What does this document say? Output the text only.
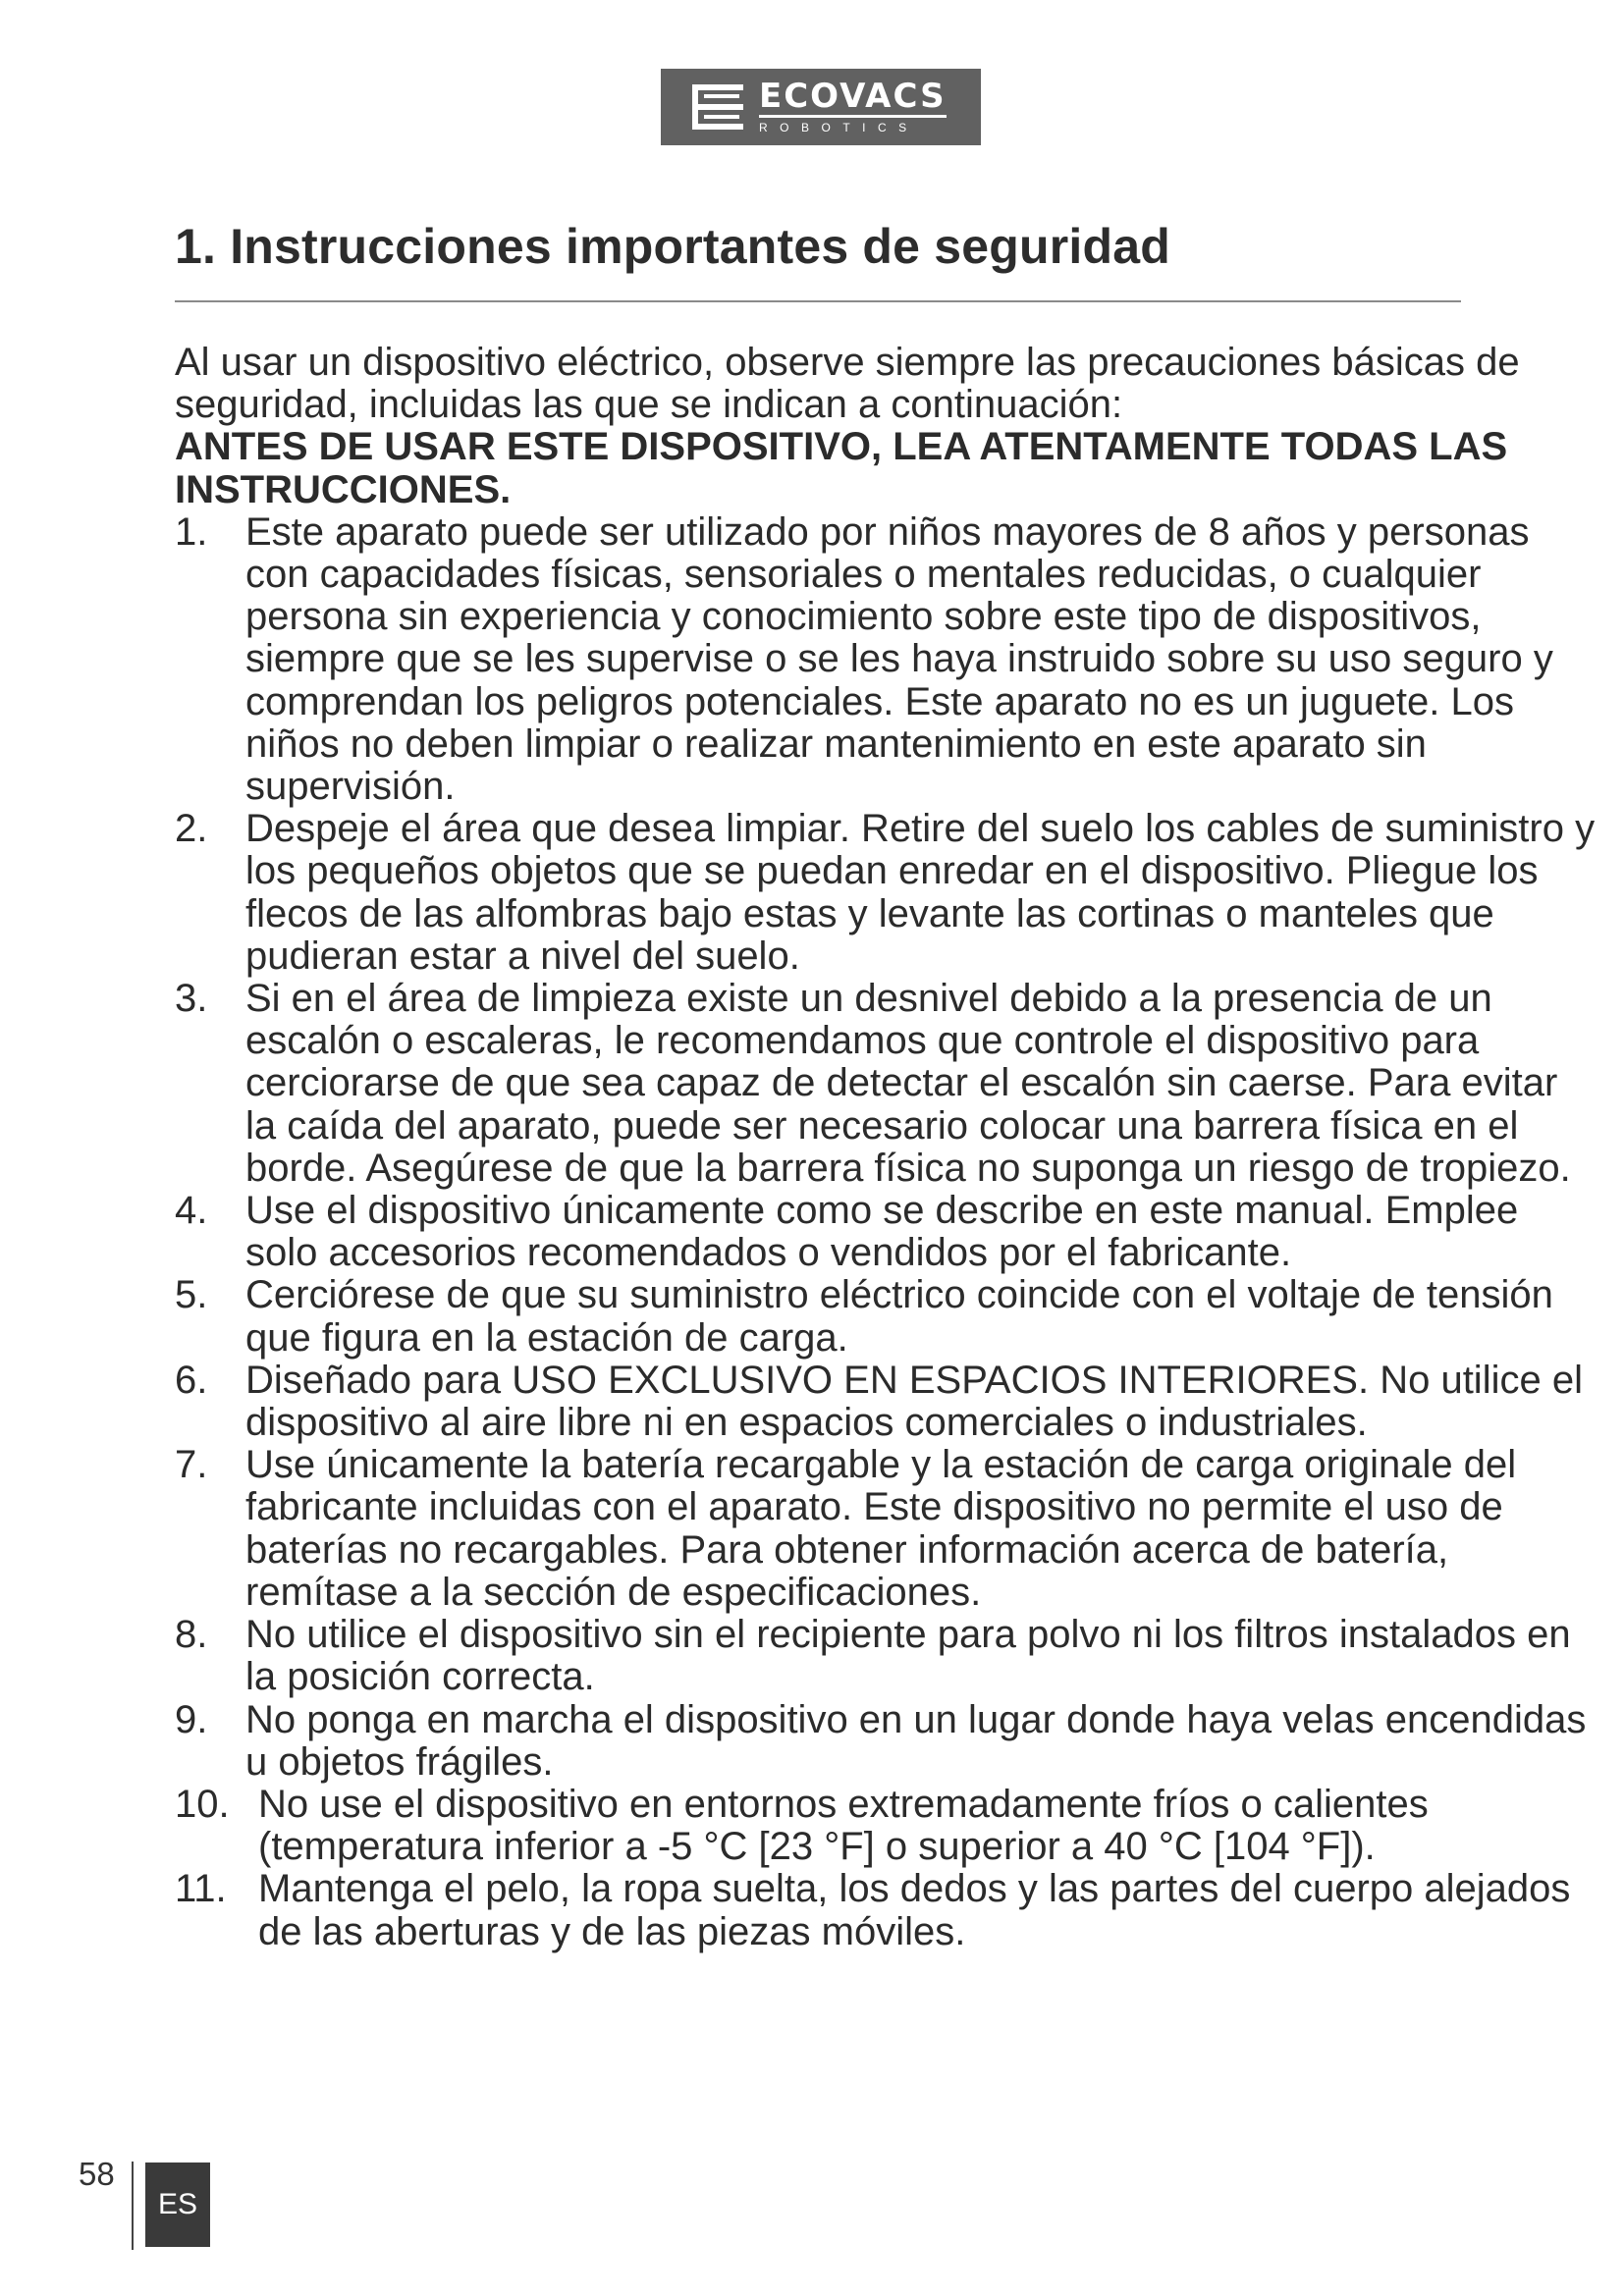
ECOVACS
ROBOTICS
1. Instrucciones importantes de seguridad

Al usar un dispositivo eléctrico, observe siempre las precauciones básicas de seguridad, incluidas las que se indican a continuación:

ANTES DE USAR ESTE DISPOSITIVO, LEA ATENTAMENTE TODAS LAS INSTRUCCIONES.

1. Este aparato puede ser utilizado por niños mayores de 8 años y personas con capacidades físicas, sensoriales o mentales reducidas, o cualquier persona sin experiencia y conocimiento sobre este tipo de dispositivos, siempre que se les supervise o se les haya instruido sobre su uso seguro y comprendan los peligros potenciales. Este aparato no es un juguete. Los niños no deben limpiar o realizar mantenimiento en este aparato sin supervisión.
2. Despeje el área que desea limpiar. Retire del suelo los cables de suministro y los pequeños objetos que se puedan enredar en el dispositivo. Pliegue los flecos de las alfombras bajo estas y levante las cortinas o manteles que pudieran estar a nivel del suelo.
3. Si en el área de limpieza existe un desnivel debido a la presencia de un escalón o escaleras, le recomendamos que controle el dispositivo para cerciorarse de que sea capaz de detectar el escalón sin caerse. Para evitar la caída del aparato, puede ser necesario colocar una barrera física en el borde. Asegúrese de que la barrera física no suponga un riesgo de tropiezo.
4. Use el dispositivo únicamente como se describe en este manual. Emplee solo accesorios recomendados o vendidos por el fabricante.
5. Cerciórese de que su suministro eléctrico coincide con el voltaje de tensión que figura en la estación de carga.
6. Diseñado para USO EXCLUSIVO EN ESPACIOS INTERIORES. No utilice el dispositivo al aire libre ni en espacios comerciales o industriales.
7. Use únicamente la batería recargable y la estación de carga originale del fabricante incluidas con el aparato. Este dispositivo no permite el uso de baterías no recargables. Para obtener información acerca de batería, remítase a la sección de especificaciones.
8. No utilice el dispositivo sin el recipiente para polvo ni los filtros instalados en la posición correcta.
9. No ponga en marcha el dispositivo en un lugar donde haya velas encendidas u objetos frágiles.
10. No use el dispositivo en entornos extremadamente fríos o calientes (temperatura inferior a -5 °C [23 °F] o superior a 40 °C [104 °F]).
11. Mantenga el pelo, la ropa suelta, los dedos y las partes del cuerpo alejados de las aberturas y de las piezas móviles.
58
ES
